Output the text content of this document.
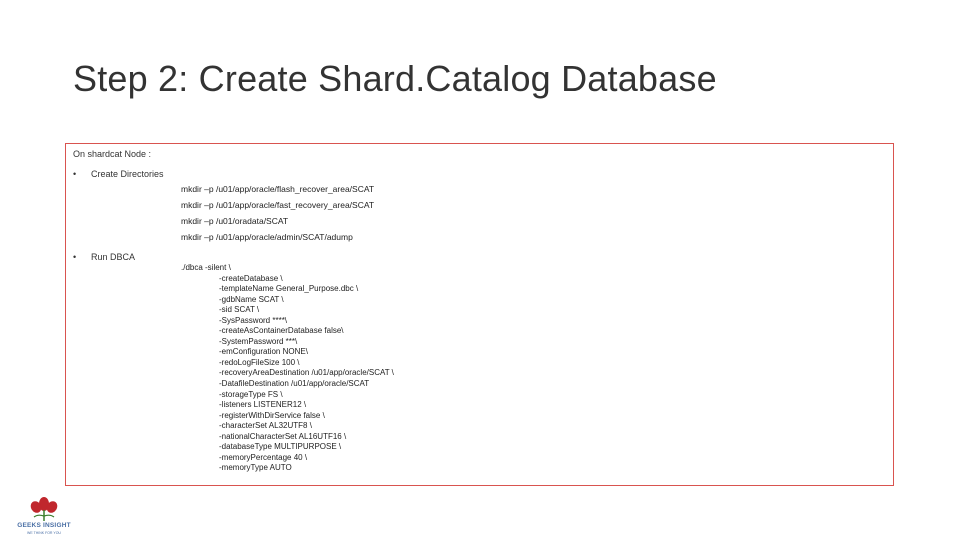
Step 2: Create Shard.Catalog Database
On shardcat Node :
• Create Directories
mkdir –p /u01/app/oracle/flash_recover_area/SCAT
mkdir –p /u01/app/oracle/fast_recovery_area/SCAT
mkdir –p /u01/oradata/SCAT
mkdir –p /u01/app/oracle/admin/SCAT/adump
• Run DBCA
./dbca -silent \
-createDatabase \
-templateName General_Purpose.dbc \
-gdbName SCAT \
-sid SCAT \
-SysPassword ****\
-createAsContainerDatabase false\
-SystemPassword ***\
-emConfiguration NONE\
-redoLogFileSize 100 \
-recoveryAreaDestination /u01/app/oracle/SCAT \
-DatafileDestination /u01/app/oracle/SCAT
-storageType FS \
-listeners LISTENER12 \
-registerWithDirService false \
-characterSet AL32UTF8 \
-nationalCharacterSet AL16UTF16 \
-databaseType MULTIPURPOSE \
-memoryPercentage 40 \
-memoryType AUTO
GEEKS INSIGHT
WE THINK FOR YOU
